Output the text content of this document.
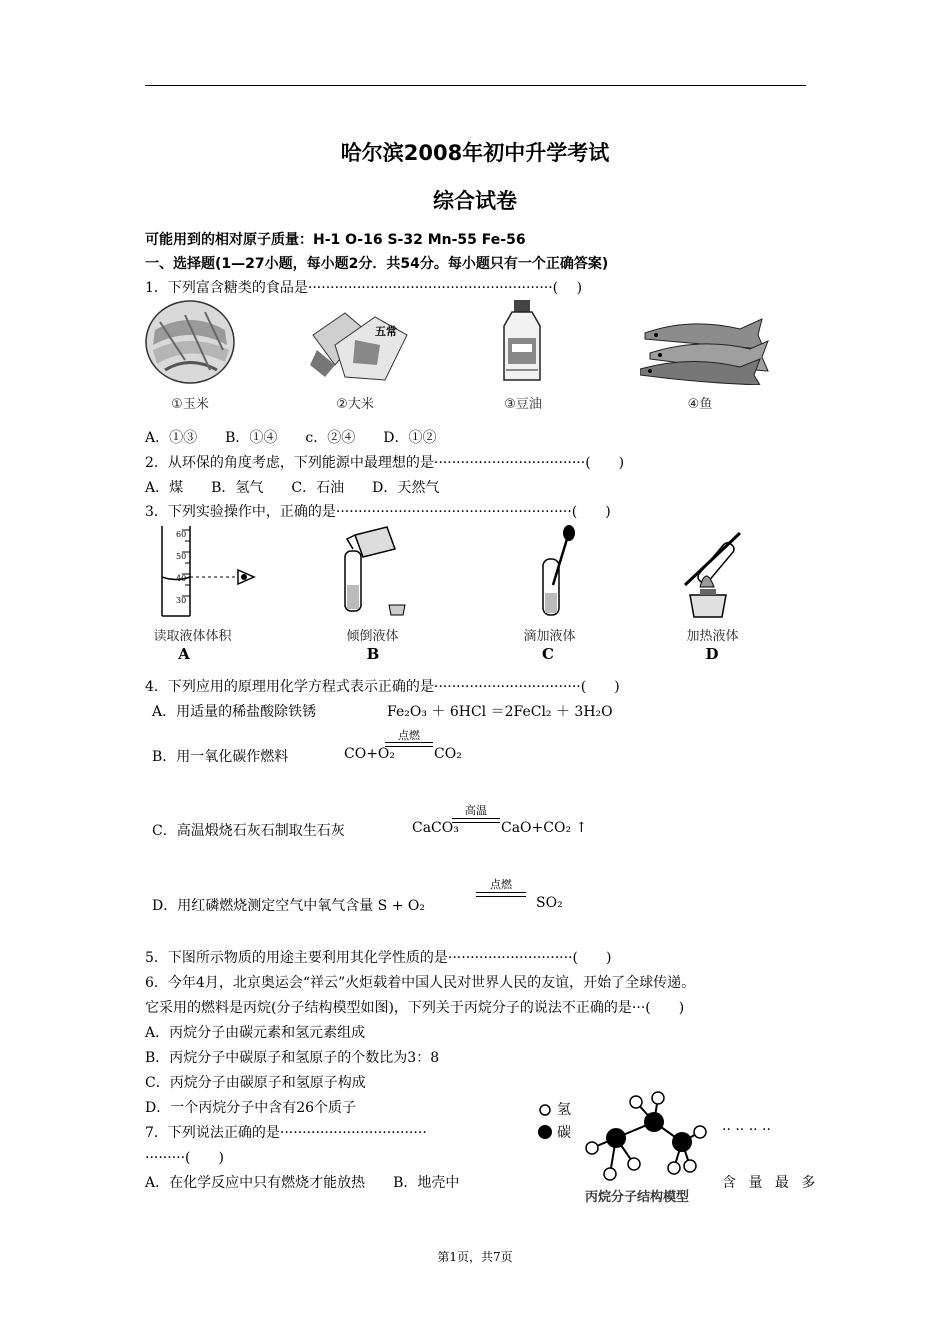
哈尔滨2008年初中升学考试
综合试卷
可能用到的相对原子质量：H-1 O-16 S-32 Mn-55 Fe-56
一、选择题(1—27小题，每小题2分．共54分。每小题只有一个正确答案)
1．下列富含糖类的食品是·······················································(　 )
五常
①玉米	②大米	③豆油	④鱼
A．①③　　B．①④　　c．②④　　D．①②
2．从环保的角度考虑，下列能源中最理想的是··································(　　)
A．煤　　B．氢气　　C．石油　　D．天然气
3．下列实验操作中，正确的是·····················································(　　)
60
50
40
30
读取液体体积	倾倒液体	滴加液体	加热液体
A	B	C	D
4．下列应用的原理用化学方程式表示正确的是·································(　　)
A．用适量的稀盐酸除铁锈	Fe₂O₃ ＋ 6HCl ＝2FeCl₂ ＋ 3H₂O
B．用一氧化碳作燃料	CO+O₂
点燃
CO₂
C．高温煅烧石灰石制取生石灰	CaCO₃
高温
CaO+CO₂ ↑
D．用红磷燃烧测定空气中氧气含量 S + O₂
点燃
SO₂
5．下图所示物质的用途主要利用其化学性质的是····························(　　)
6．今年4月，北京奥运会“祥云”火炬载着中国人民对世界人民的友谊，开始了全球传递。
它采用的燃料是丙烷(分子结构模型如图)，下列关于丙烷分子的说法不正确的是···(　　)
A．丙烷分子由碳元素和氢元素组成
B．丙烷分子中碳原子和氢原子的个数比为3：8
C．丙烷分子由碳原子和氢原子构成
D．一个丙烷分子中含有26个质子
7．下列说法正确的是·································	·· ·· ·· ··
·········(　　)
A．在化学反应中只有燃烧才能放热　　B．地壳中	含 量 最 多
氢
碳
丙烷分子结构模型
第1页，共7页
